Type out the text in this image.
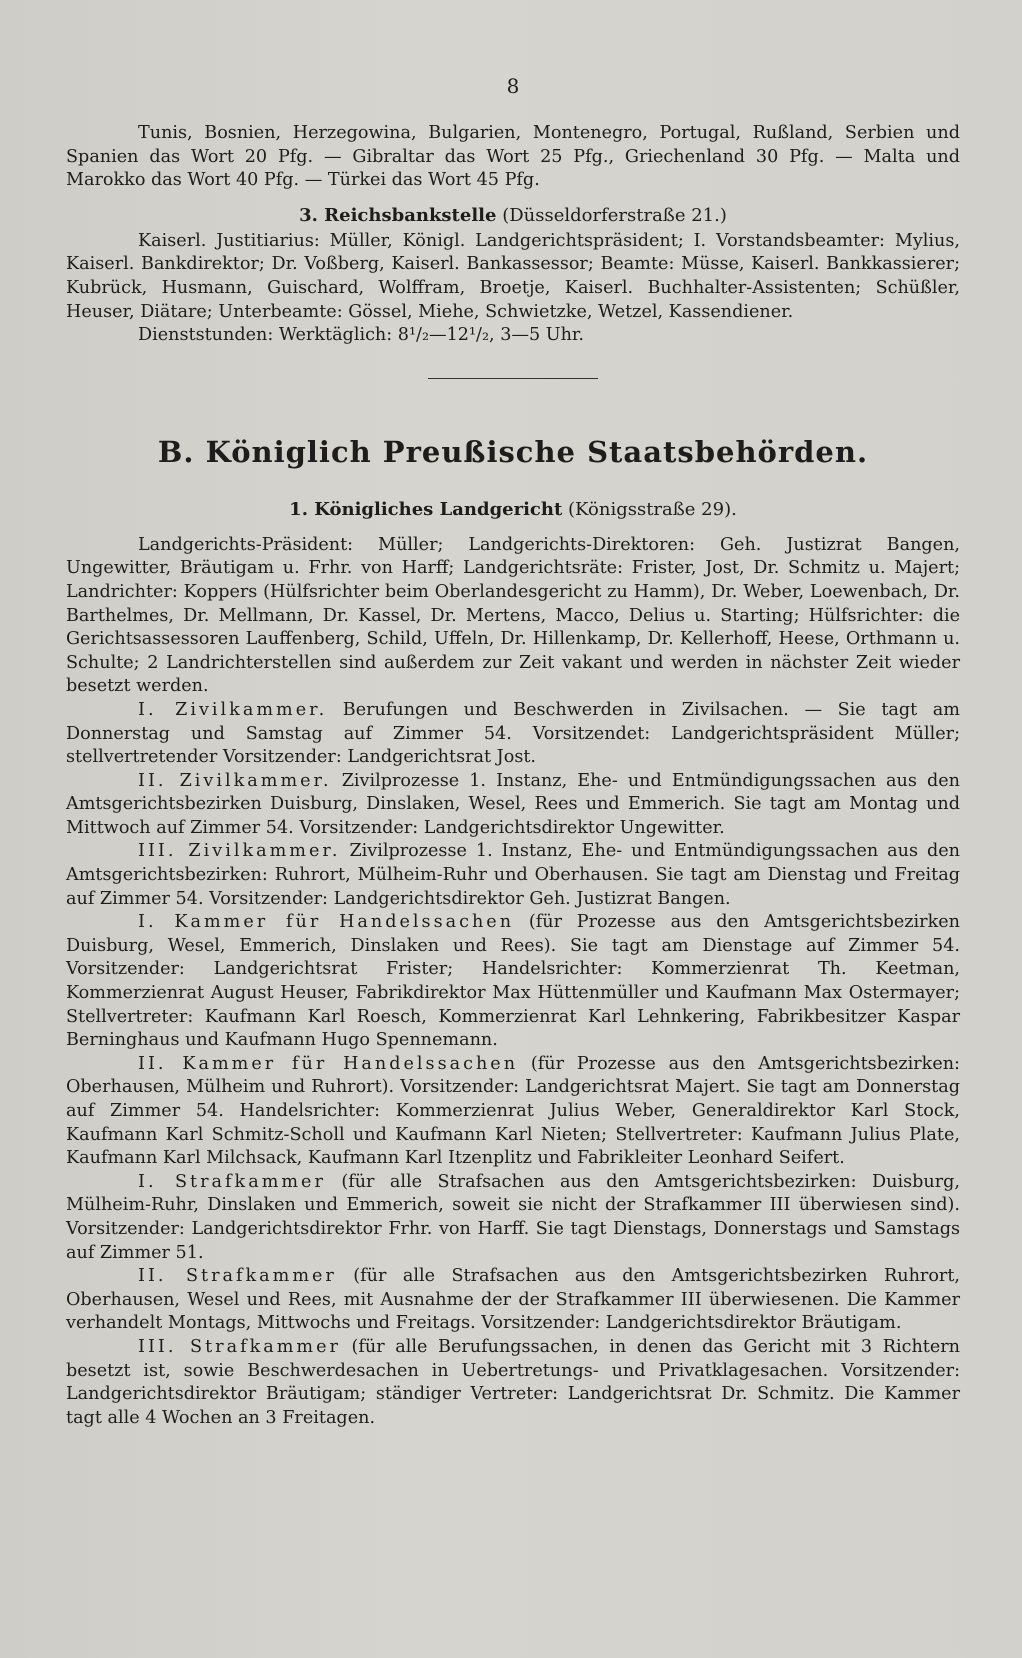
8

Tunis, Bosnien, Herzegowina, Bulgarien, Montenegro, Portugal, Rußland, Serbien und Spanien das Wort 20 Pfg. — Gibraltar das Wort 25 Pfg., Griechenland 30 Pfg. — Malta und Marokko das Wort 40 Pfg. — Türkei das Wort 45 Pfg.

3. Reichsbankstelle (Düsseldorferstraße 21.)

Kaiserl. Justitiarius: Müller, Königl. Landgerichtspräsident; I. Vorstandsbeamter: Mylius, Kaiserl. Bankdirektor; Dr. Voßberg, Kaiserl. Bankassessor; Beamte: Müsse, Kaiserl. Bankkassierer; Kubrück, Husmann, Guischard, Wolffram, Broetje, Kaiserl. Buchhalter-Assistenten; Schüßler, Heuser, Diätare; Unterbeamte: Gössel, Miehe, Schwietzke, Wetzel, Kassendiener.

Dienststunden: Werktäglich: 8¹/₂—12¹/₂, 3—5 Uhr.

B. Königlich Preußische Staatsbehörden.
1. Königliches Landgericht (Königsstraße 29).

Landgerichts-Präsident: Müller; Landgerichts-Direktoren: Geh. Justizrat Bangen, Ungewitter, Bräutigam u. Frhr. von Harff; Landgerichtsräte: Frister, Jost, Dr. Schmitz u. Majert; Landrichter: Koppers (Hülfsrichter beim Oberlandesgericht zu Hamm), Dr. Weber, Loewenbach, Dr. Barthelmes, Dr. Mellmann, Dr. Kassel, Dr. Mertens, Macco, Delius u. Starting; Hülfsrichter: die Gerichtsassessoren Lauffenberg, Schild, Uffeln, Dr. Hillenkamp, Dr. Kellerhoff, Heese, Orthmann u. Schulte; 2 Landrichterstellen sind außerdem zur Zeit vakant und werden in nächster Zeit wieder besetzt werden.

I. Zivilkammer. Berufungen und Beschwerden in Zivilsachen. — Sie tagt am Donnerstag und Samstag auf Zimmer 54. Vorsitzendet: Landgerichtspräsident Müller; stellvertretender Vorsitzender: Landgerichtsrat Jost.

II. Zivilkammer. Zivilprozesse 1. Instanz, Ehe- und Entmündigungssachen aus den Amtsgerichtsbezirken Duisburg, Dinslaken, Wesel, Rees und Emmerich. Sie tagt am Montag und Mittwoch auf Zimmer 54. Vorsitzender: Landgerichtsdirektor Ungewitter.

III. Zivilkammer. Zivilprozesse 1. Instanz, Ehe- und Entmündigungssachen aus den Amtsgerichtsbezirken: Ruhrort, Mülheim-Ruhr und Oberhausen. Sie tagt am Dienstag und Freitag auf Zimmer 54. Vorsitzender: Landgerichtsdirektor Geh. Justizrat Bangen.

I. Kammer für Handelssachen (für Prozesse aus den Amtsgerichtsbezirken Duisburg, Wesel, Emmerich, Dinslaken und Rees). Sie tagt am Dienstage auf Zimmer 54. Vorsitzender: Landgerichtsrat Frister; Handelsrichter: Kommerzienrat Th. Keetman, Kommerzienrat August Heuser, Fabrikdirektor Max Hüttenmüller und Kaufmann Max Ostermayer; Stellvertreter: Kaufmann Karl Roesch, Kommerzienrat Karl Lehnkering, Fabrikbesitzer Kaspar Berninghaus und Kaufmann Hugo Spennemann.

II. Kammer für Handelssachen (für Prozesse aus den Amtsgerichtsbezirken: Oberhausen, Mülheim und Ruhrort). Vorsitzender: Landgerichtsrat Majert. Sie tagt am Donnerstag auf Zimmer 54. Handelsrichter: Kommerzienrat Julius Weber, Generaldirektor Karl Stock, Kaufmann Karl Schmitz-Scholl und Kaufmann Karl Nieten; Stellvertreter: Kaufmann Julius Plate, Kaufmann Karl Milchsack, Kaufmann Karl Itzenplitz und Fabrikleiter Leonhard Seifert.

I. Strafkammer (für alle Strafsachen aus den Amtsgerichtsbezirken: Duisburg, Mülheim-Ruhr, Dinslaken und Emmerich, soweit sie nicht der Strafkammer III überwiesen sind). Vorsitzender: Landgerichtsdirektor Frhr. von Harff. Sie tagt Dienstags, Donnerstags und Samstags auf Zimmer 51.

II. Strafkammer (für alle Strafsachen aus den Amtsgerichtsbezirken Ruhrort, Oberhausen, Wesel und Rees, mit Ausnahme der der Strafkammer III überwiesenen. Die Kammer verhandelt Montags, Mittwochs und Freitags. Vorsitzender: Landgerichtsdirektor Bräutigam.

III. Strafkammer (für alle Berufungssachen, in denen das Gericht mit 3 Richtern besetzt ist, sowie Beschwerdesachen in Uebertretungs- und Privatklagesachen. Vorsitzender: Landgerichtsdirektor Bräutigam; ständiger Vertreter: Landgerichtsrat Dr. Schmitz. Die Kammer tagt alle 4 Wochen an 3 Freitagen.
